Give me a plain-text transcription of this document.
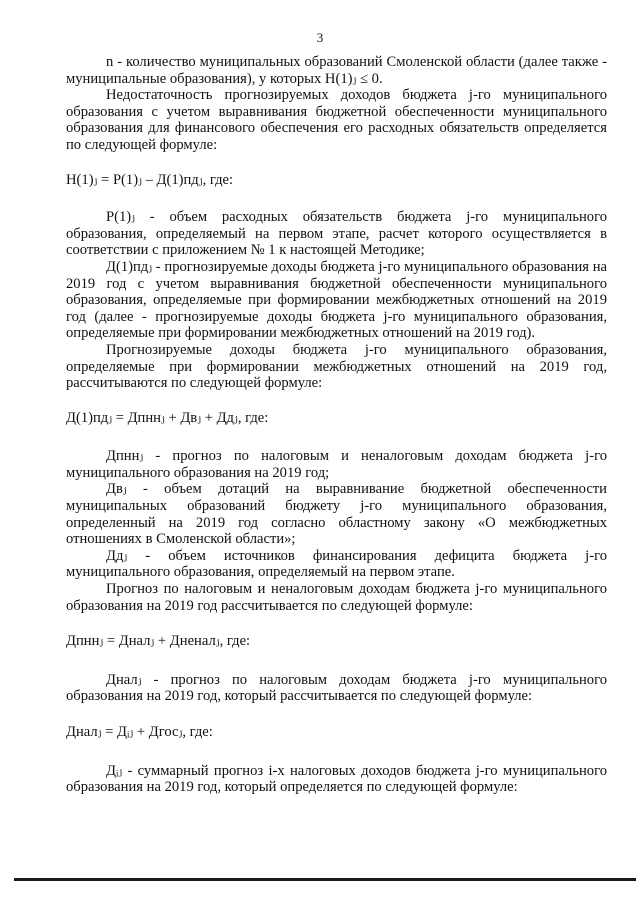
3

n - количество муниципальных образований Смоленской области (далее также - муниципальные образования), у которых Н(1)ⱼ ≤ 0.

Недостаточность прогнозируемых доходов бюджета j-го муниципального образования с учетом выравнивания бюджетной обеспеченности муниципального образования для финансового обеспечения его расходных обязательств определяется по следующей формуле:

Н(1)ⱼ = Р(1)ⱼ – Д(1)пдⱼ, где:

Р(1)ⱼ - объем расходных обязательств бюджета j-го муниципального образования, определяемый на первом этапе, расчет которого осуществляется в соответствии с приложением № 1 к настоящей Методике;

Д(1)пдⱼ - прогнозируемые доходы бюджета j-го муниципального образования на 2019 год с учетом выравнивания бюджетной обеспеченности муниципального образования, определяемые при формировании межбюджетных отношений на 2019 год (далее - прогнозируемые доходы бюджета j-го муниципального образования, определяемые при формировании межбюджетных отношений на 2019 год).

Прогнозируемые доходы бюджета j-го муниципального образования, определяемые при формировании межбюджетных отношений на 2019 год, рассчитываются по следующей формуле:

Д(1)пдⱼ = Дпннⱼ + Двⱼ + Ддⱼ, где:

Дпннⱼ - прогноз по налоговым и неналоговым доходам бюджета j-го муниципального образования на 2019 год;

Двⱼ - объем дотаций на выравнивание бюджетной обеспеченности муниципальных образований бюджету j-го муниципального образования, определенный на 2019 год согласно областному закону «О межбюджетных отношениях в Смоленской области»;

Ддⱼ - объем источников финансирования дефицита бюджета j-го муниципального образования, определяемый на первом этапе.

Прогноз по налоговым и неналоговым доходам бюджета j-го муниципального образования на 2019 год рассчитывается по следующей формуле:

Дпннⱼ = Дналⱼ + Дненалⱼ, где:

Дналⱼ - прогноз по налоговым доходам бюджета j-го муниципального образования на 2019 год, который рассчитывается по следующей формуле:

Дналⱼ = Дᵢⱼ + Дгосⱼ, где:

Дᵢⱼ - суммарный прогноз i-х налоговых доходов бюджета j-го муниципального образования на 2019 год, который определяется по следующей формуле:
